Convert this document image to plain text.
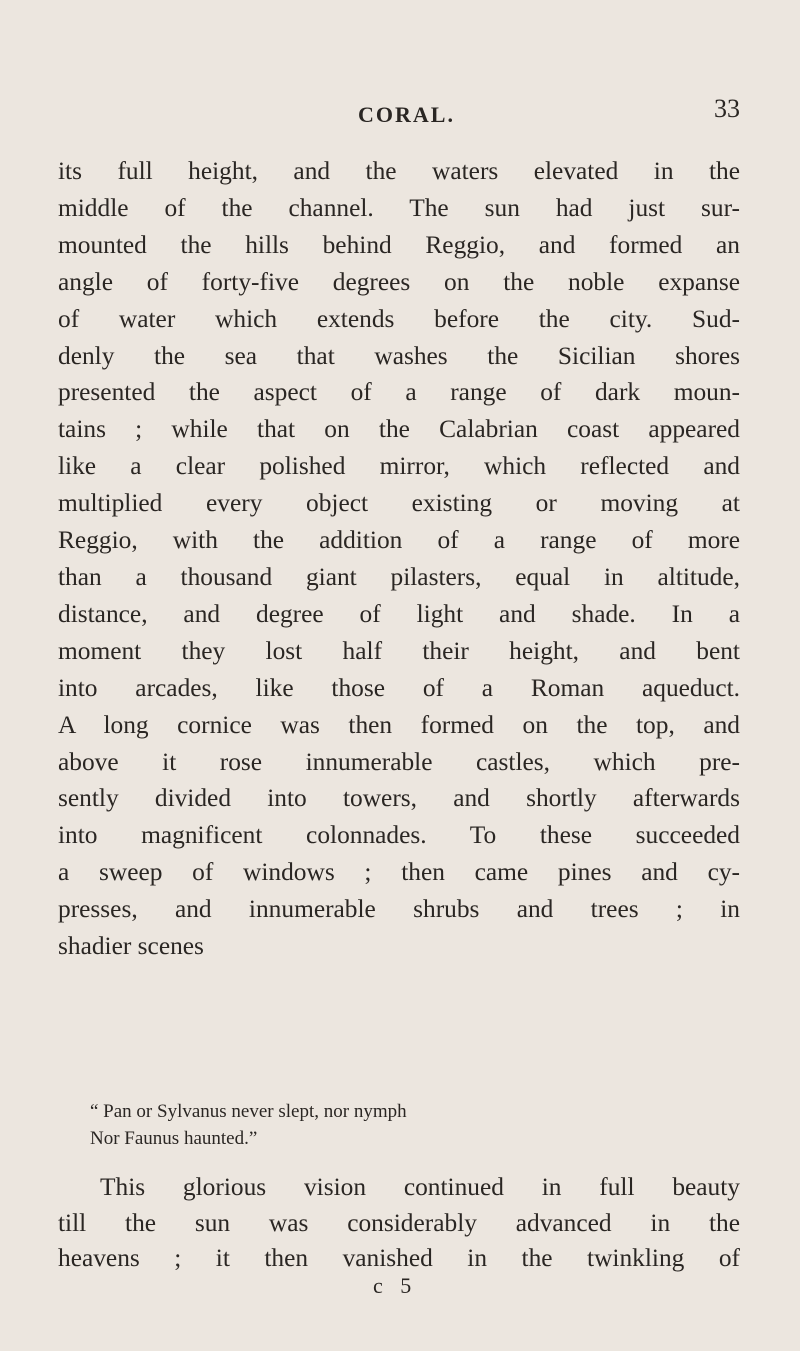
CORAL.	33
its full height, and the waters elevated in the
middle of the channel. The sun had just sur-
mounted the hills behind Reggio, and formed an
angle of forty-five degrees on the noble expanse
of water which extends before the city. Sud-
denly the sea that washes the Sicilian shores
presented the aspect of a range of dark moun-
tains ; while that on the Calabrian coast appeared
like a clear polished mirror, which reflected and
multiplied every object existing or moving at
Reggio, with the addition of a range of more
than a thousand giant pilasters, equal in altitude,
distance, and degree of light and shade. In a
moment they lost half their height, and bent
into arcades, like those of a Roman aqueduct.
A long cornice was then formed on the top, and
above it rose innumerable castles, which pre-
sently divided into towers, and shortly afterwards
into magnificent colonnades. To these succeeded
a sweep of windows ; then came pines and cy-
presses, and innumerable shrubs and trees ; in
shadier scenes
“ Pan or Sylvanus never slept, nor nymph
Nor Faunus haunted.”
This glorious vision continued in full beauty
till the sun was considerably advanced in the
heavens ; it then vanished in the twinkling of
c 5
